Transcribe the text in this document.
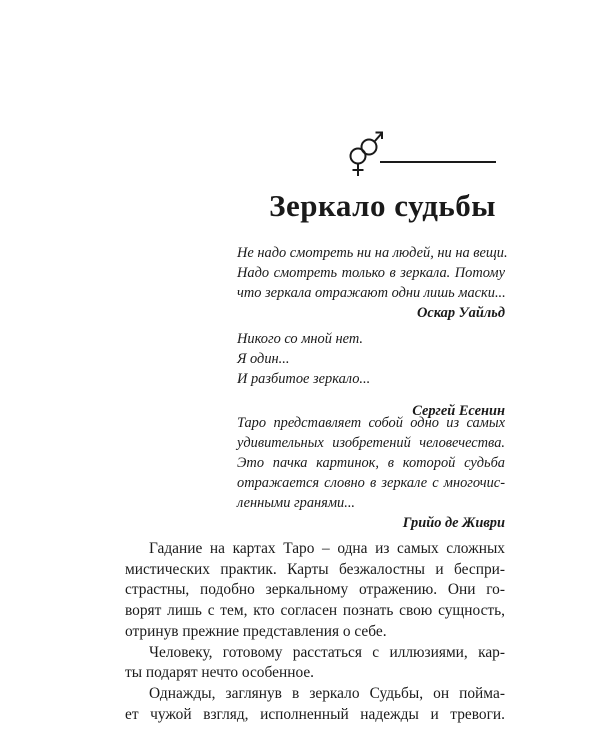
Зеркало судьбы
Не надо смотреть ни на людей, ни на вещи.
Надо смотреть только в зеркала. Потому
что зеркала отражают одни лишь маски...
Оскар Уайльд
Никого со мной нет.
Я один...
И разбитое зеркало...
Сергей Есенин
Таро представляет собой одно из самых
удивительных изобретений человечества.
Это пачка картинок, в которой судьба
отражается словно в зеркале с многочис-
ленными гранями...
Грийо де Живри
Гадание на картах Таро – одна из самых сложных
мистических практик. Карты безжалостны и беспри-
страстны, подобно зеркальному отражению. Они го-
ворят лишь с тем, кто согласен познать свою сущность,
отринув прежние представления о себе.
Человеку, готовому расстаться с иллюзиями, кар-
ты подарят нечто особенное.
Однажды, заглянув в зеркало Судьбы, он поймa-
ет чужой взгляд, исполненный надежды и тревоги.
